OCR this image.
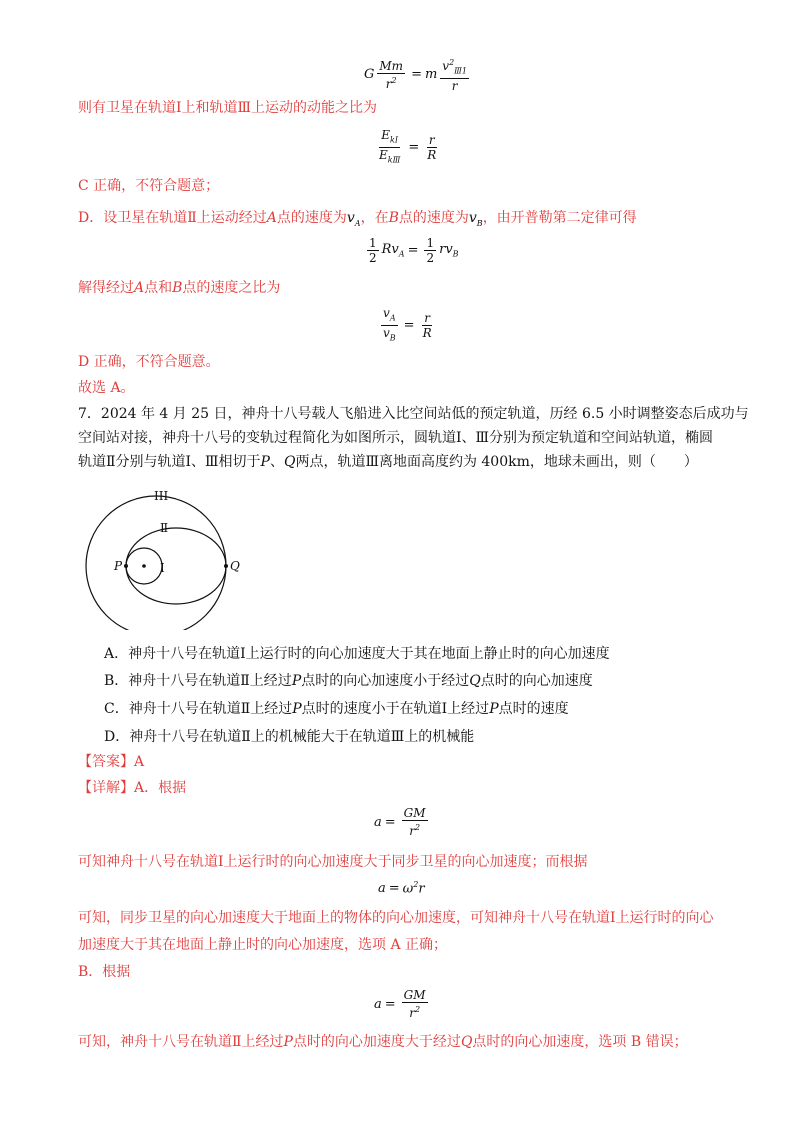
G $\frac{Mm}{r^2} = m \frac{v^2_{Ⅲ1}}{r}$
则有卫星在轨道Ⅰ上和轨道Ⅲ上运动的动能之比为
$\frac{E_{kⅠ}}{E_{kⅢ}} = \frac{r}{R}$
C 正确，不符合题意；
D．设卫星在轨道Ⅱ上运动经过A点的速度为$v_A$，在B点的速度为$v_B$，由开普勒第二定律可得
$\frac{1}{2} Rv_A = \frac{1}{2} rv_B$
解得经过A点和B点的速度之比为
$\frac{v_A}{v_B} = \frac{r}{R}$
D 正确，不符合题意。
故选 A。
7．2024 年 4 月 25 日，神舟十八号载人飞船进入比空间站低的预定轨道，历经 6.5 小时调整姿态后成功与
空间站对接，神舟十八号的变轨过程简化为如图所示，圆轨道Ⅰ、Ⅲ分别为预定轨道和空间站轨道，椭圆
轨道Ⅱ分别与轨道Ⅰ、Ⅲ相切于P、Q两点，轨道Ⅲ离地面高度约为 400km，地球未画出，则（　　）
III
Ⅱ
I
P	Q
A．神舟十八号在轨道Ⅰ上运行时的向心加速度大于其在地面上静止时的向心加速度
B．神舟十八号在轨道Ⅱ上经过P点时的向心加速度小于经过Q点时的向心加速度
C．神舟十八号在轨道Ⅱ上经过P点时的速度小于在轨道Ⅰ上经过P点时的速度
D．神舟十八号在轨道Ⅱ上的机械能大于在轨道Ⅲ上的机械能
【答案】A
【详解】A．根据
$a = \frac{GM}{r^2}$
可知神舟十八号在轨道Ⅰ上运行时的向心加速度大于同步卫星的向心加速度；而根据
$a = \omega^2r$
可知，同步卫星的向心加速度大于地面上的物体的向心加速度，可知神舟十八号在轨道Ⅰ上运行时的向心
加速度大于其在地面上静止时的向心加速度，选项 A 正确；
B．根据
$a = \frac{GM}{r^2}$
可知，神舟十八号在轨道Ⅱ上经过P点时的向心加速度大于经过Q点时的向心加速度，选项 B 错误；
